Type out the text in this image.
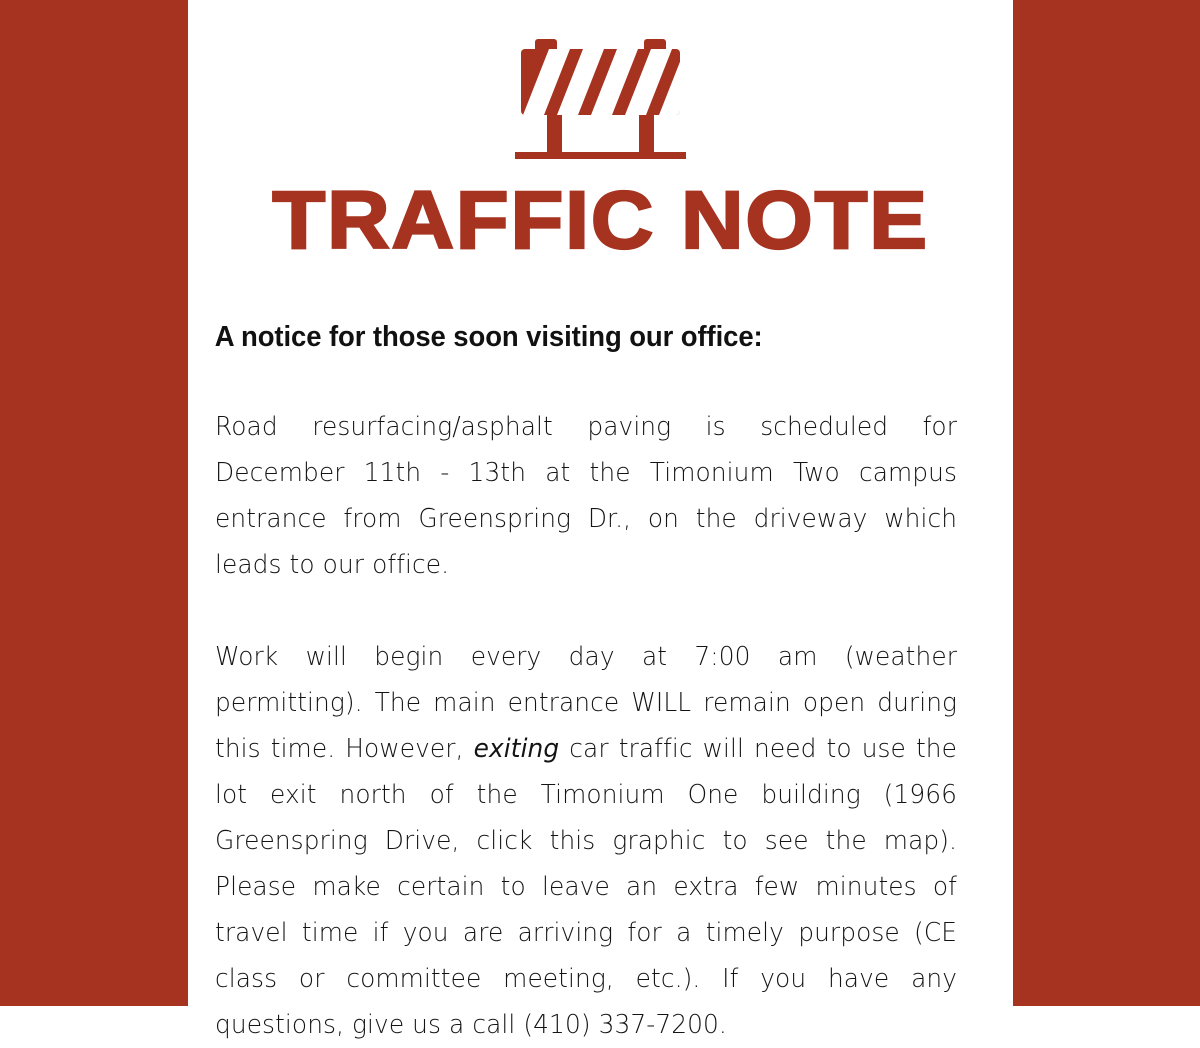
TRAFFIC NOTE
A notice for those soon visiting our office:

Road resurfacing/asphalt paving is scheduled for December 11th - 13th at the Timonium Two campus entrance from Greenspring Dr., on the driveway which leads to our office.

Work will begin every day at 7:00 am (weather permitting). The main entrance WILL remain open during this time. However, exiting car traffic will need to use the lot exit north of the Timonium One building (1966 Greenspring Drive, click this graphic to see the map). Please make certain to leave an extra few minutes of travel time if you are arriving for a timely purpose (CE class or committee meeting, etc.). If you have any questions, give us a call (410) 337-7200.
